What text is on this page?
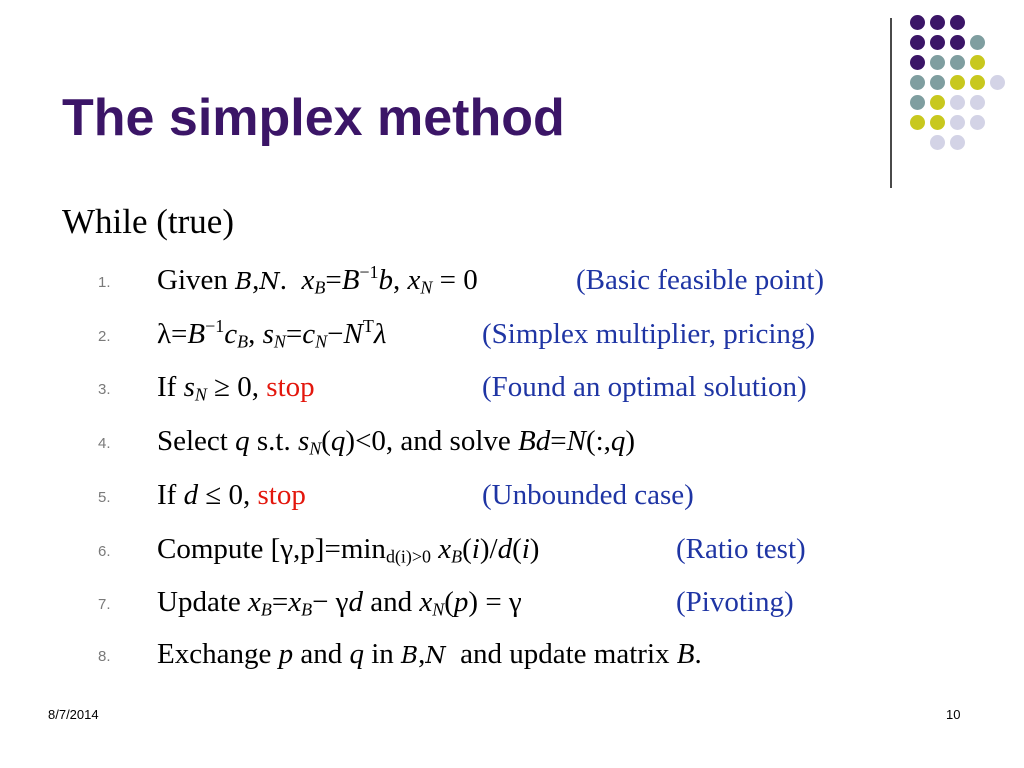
The simplex method
While (true)
1. Given B,N.  $x_B=B^{-1}b$, $x_N = 0$	(Basic feasible point)
2. $\lambda=B^{-1}c_B$, $s_N=c_N-N^T\lambda$	(Simplex multiplier, pricing)
3. If $s_N \ge 0$, stop	(Found an optimal solution)
4. Select q s.t. $s_N(q)<0$, and solve Bd=N(:,q)
5. If d ≤ 0, stop	(Unbounded case)
6. Compute $[\gamma,p]=\min_{d(i)>0}$ $x_B(i)/d(i)$	(Ratio test)
7. Update $x_B=x_B- \gamma d$ and $x_N(p) = \gamma$	(Pivoting)
8. Exchange p and q in B,N  and update matrix B.
8/7/2014	10
